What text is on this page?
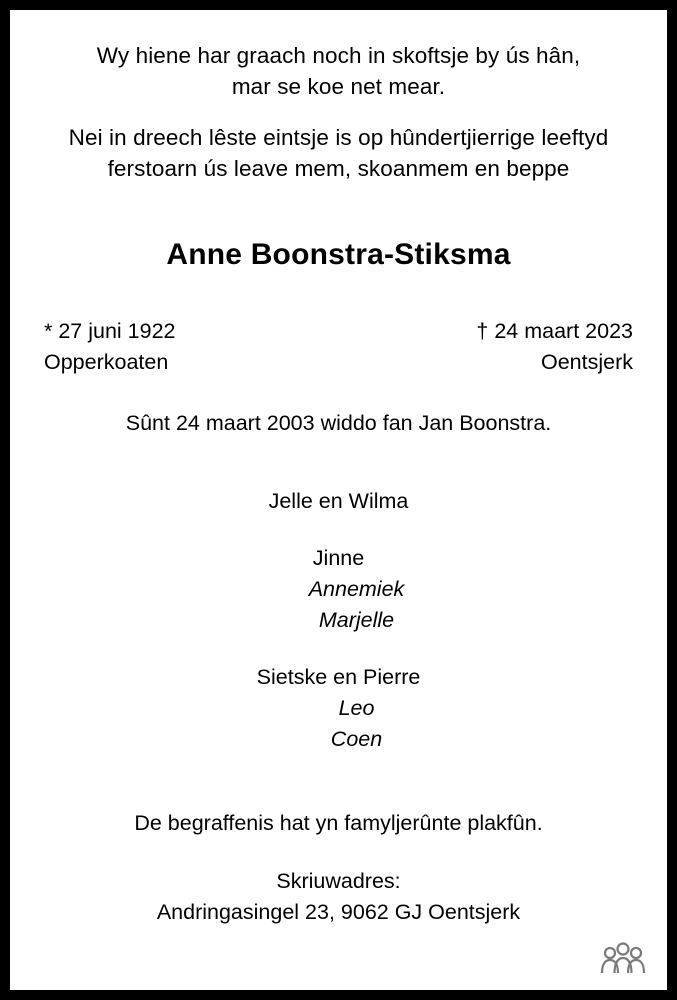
Wy hiene har graach noch in skoftsje by ús hân,
mar se koe net mear.
Nei in dreech lêste eintsje is op hûndertjierrige leeftyd
ferstoarn ús leave mem, skoanmem en beppe
Anne Boonstra-Stiksma
* 27 juni 1922
Opperkoaten
† 24 maart 2023
Oentsjerk
Sûnt 24 maart 2003 widdo fan Jan Boonstra.
Jelle en Wilma
Jinne
Annemiek
Marjelle
Sietske en Pierre
Leo
Coen
De begraffenis hat yn famyljerûnte plakfûn.
Skriuwadres:
Andringasingel 23, 9062 GJ Oentsjerk
